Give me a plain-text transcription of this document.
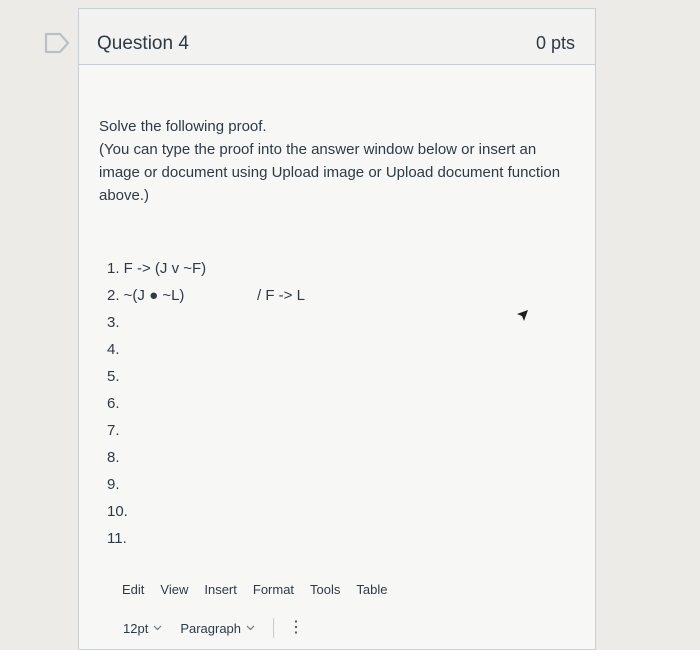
Question 4	0 pts

Solve the following proof.

(You can type the proof into the answer window below or insert an image or document using Upload image or Upload document function above.)

1. F -> (J v ~F)
2. ~(J ● ~L)	/ F -> L
3.
4.
5.
6.
7.
8.
9.
10.
11.
Edit View Insert Format Tools Table
12pt Paragraph	⋮
